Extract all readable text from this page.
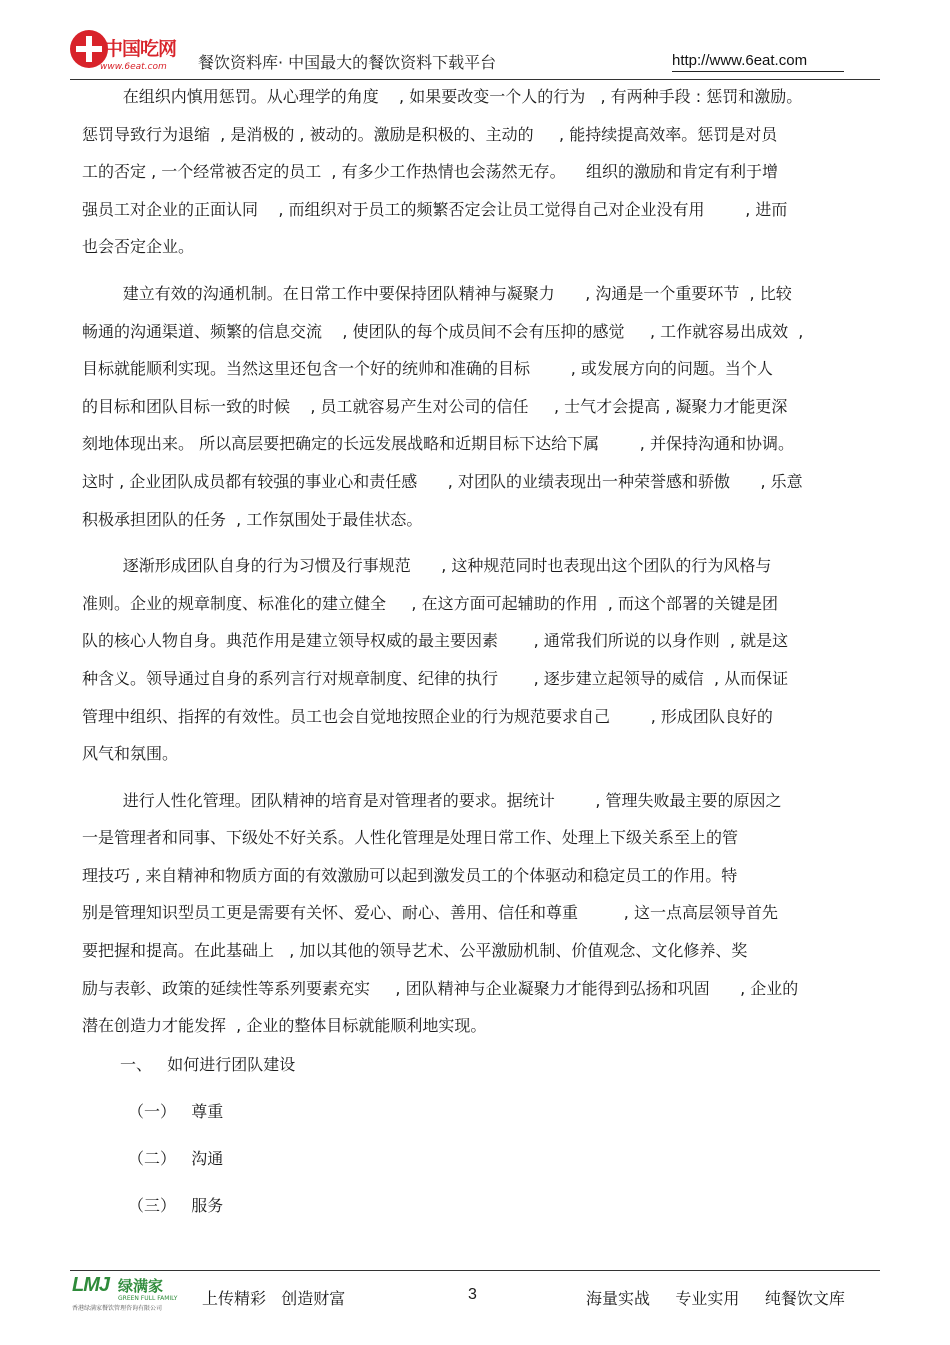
中国吃网
www.6eat.com 餐饮资料库· 中国最大的餐饮资料下载平台	http://www.6eat.com
在组织内慎用惩罚。从心理学的角度    , 如果要改变一个人的行为   , 有两种手段 : 惩罚和激励。
惩罚导致行为退缩  , 是消极的 , 被动的。激励是积极的、主动的     , 能持续提高效率。惩罚是对员
工的否定 , 一个经常被否定的员工  , 有多少工作热情也会荡然无存。    组织的激励和肯定有利于增
强员工对企业的正面认同    , 而组织对于员工的频繁否定会让员工觉得自己对企业没有用        , 进而
也会否定企业。
建立有效的沟通机制。在日常工作中要保持团队精神与凝聚力      , 沟通是一个重要环节  , 比较
畅通的沟通渠道、频繁的信息交流    , 使团队的每个成员间不会有压抑的感觉     , 工作就容易出成效  ,
目标就能顺利实现。当然这里还包含一个好的统帅和准确的目标        , 或发展方向的问题。当个人
的目标和团队目标一致的时候    , 员工就容易产生对公司的信任     , 士气才会提高 , 凝聚力才能更深
刻地体现出来。 所以高层要把确定的长远发展战略和近期目标下达给下属        , 并保持沟通和协调。
这时 , 企业团队成员都有较强的事业心和责任感      , 对团队的业绩表现出一种荣誉感和骄傲      , 乐意
积极承担团队的任务  , 工作氛围处于最佳状态。
逐渐形成团队自身的行为习惯及行事规范      , 这种规范同时也表现出这个团队的行为风格与
准则。企业的规章制度、标准化的建立健全     , 在这方面可起辅助的作用  , 而这个部署的关键是团
队的核心人物自身。典范作用是建立领导权威的最主要因素       , 通常我们所说的以身作则  , 就是这
种含义。领导通过自身的系列言行对规章制度、纪律的执行       , 逐步建立起领导的威信  , 从而保证
管理中组织、指挥的有效性。员工也会自觉地按照企业的行为规范要求自己        , 形成团队良好的
风气和氛围。
进行人性化管理。团队精神的培育是对管理者的要求。据统计        , 管理失败最主要的原因之
一是管理者和同事、下级处不好关系。人性化管理是处理日常工作、处理上下级关系至上的管
理技巧 , 来自精神和物质方面的有效激励可以起到激发员工的个体驱动和稳定员工的作用。特
别是管理知识型员工更是需要有关怀、爱心、耐心、善用、信任和尊重         , 这一点高层领导首先
要把握和提高。在此基础上   , 加以其他的领导艺术、公平激励机制、价值观念、文化修养、奖
励与表彰、政策的延续性等系列要素充实     , 团队精神与企业凝聚力才能得到弘扬和巩固      , 企业的
潜在创造力才能发挥  , 企业的整体目标就能顺利地实现。
一、   如何进行团队建设
（一）   尊重
（二）   沟通
（三）   服务
LMJ 绿满家
GREEN FULL FAMILY
香港绿满家餐饮管理咨询有限公司
上传精彩   创造财富	3	海量实战     专业实用     纯餐饮文库
